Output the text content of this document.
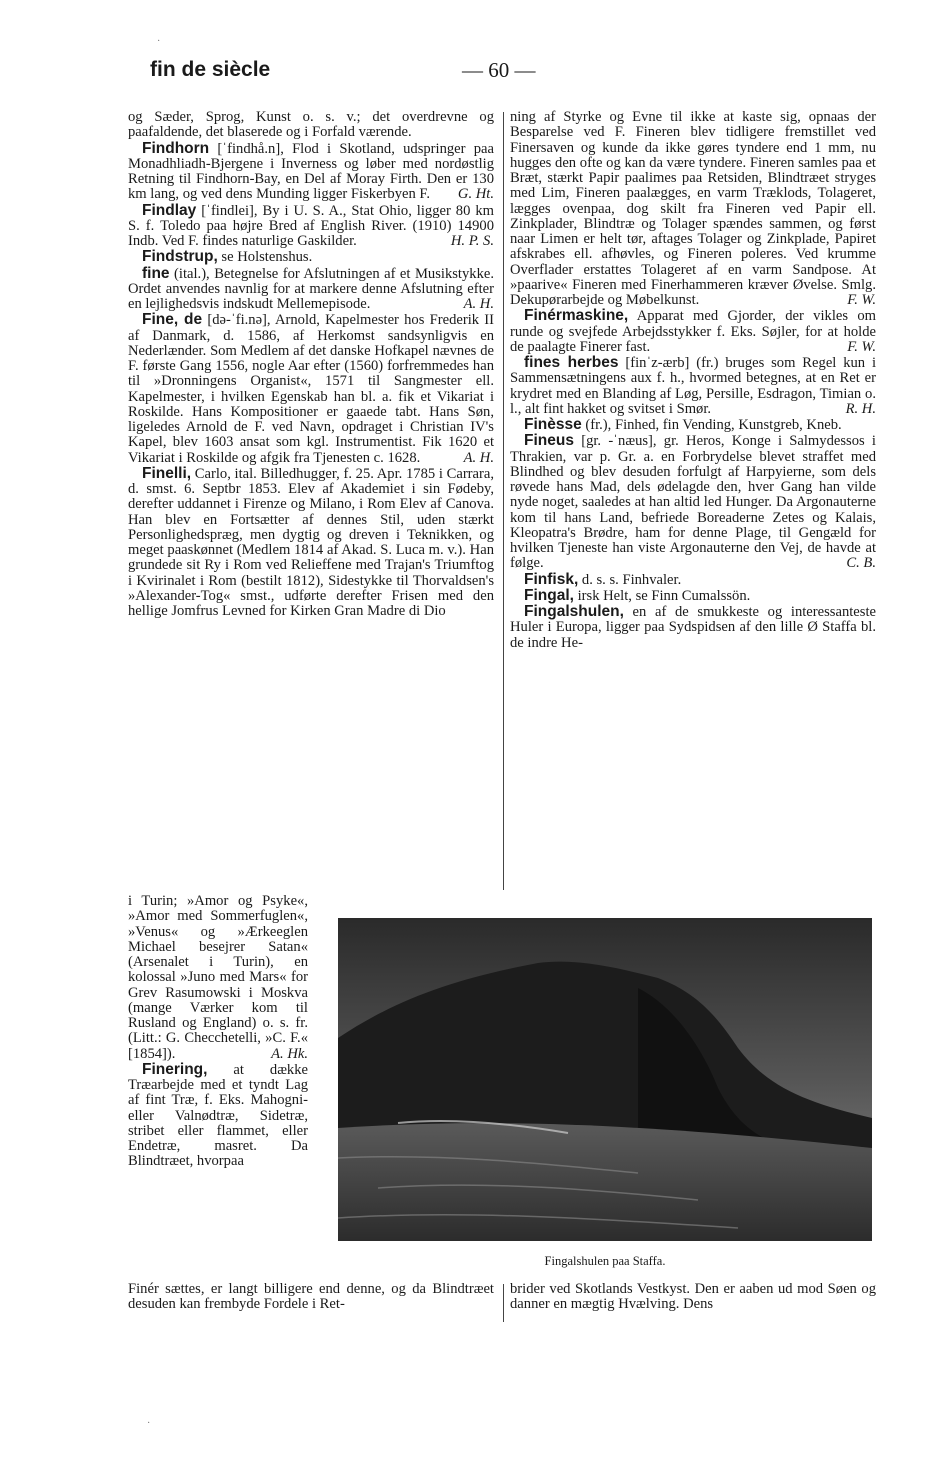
fin de siècle	— 60 —

og Sæder, Sprog, Kunst o. s. v.; det overdrevne og paafaldende, det blaserede og i Forfald værende.

Findhorn [ˈfindhå.n], Flod i Skotland, udspringer paa Monadhliadh-Bjergene i Inverness og løber med nordøstlig Retning til Findhorn-Bay, en Del af Moray Firth. Den er 130 km lang, og ved dens Munding ligger Fiskerbyen F.	G. Ht.

Findlay [ˈfindlei], By i U. S. A., Stat Ohio, ligger 80 km S. f. Toledo paa højre Bred af English River. (1910) 14900 Indb. Ved F. findes naturlige Gaskilder.	H. P. S.

Findstrup, se Holstenshus.

fine (ital.), Betegnelse for Afslutningen af et Musikstykke. Ordet anvendes navnlig for at markere denne Afslutning efter en lejlighedsvis indskudt Mellemepisode.	A. H.

Fine, de [də-ˈfi.nə], Arnold, Kapelmester hos Frederik II af Danmark, d. 1586, af Herkomst sandsynligvis en Nederlænder. Som Medlem af det danske Hofkapel nævnes de F. første Gang 1556, nogle Aar efter (1560) forfremmedes han til »Dronningens Organist«, 1571 til Sangmester ell. Kapelmester, i hvilken Egenskab han bl. a. fik et Vikariat i Roskilde. Hans Kompositioner er gaaede tabt. Hans Søn, ligeledes Arnold de F. ved Navn, opdraget i Christian IV's Kapel, blev 1603 ansat som kgl. Instrumentist. Fik 1620 et Vikariat i Roskilde og afgik fra Tjenesten c. 1628.	A. H.

Finelli, Carlo, ital. Billedhugger, f. 25. Apr. 1785 i Carrara, d. smst. 6. Septbr 1853. Elev af Akademiet i sin Fødeby, derefter uddannet i Firenze og Milano, i Rom Elev af Canova. Han blev en Fortsætter af dennes Stil, uden stærkt Personlighedspræg, men dygtig og dreven i Teknikken, og meget paaskønnet (Medlem 1814 af Akad. S. Luca m. v.). Han grundede sit Ry i Rom ved Relieffene med Trajan's Triumftog i Kvirinalet i Rom (bestilt 1812), Sidestykke til Thorvaldsen's »Alexander-Tog« smst., udførte derefter Frisen med den hellige Jomfrus Levned for Kirken Gran Madre di Dio

i Turin; »Amor og Psyke«, »Amor med Sommerfuglen«, »Venus« og »Ærkeeglen Michael besejrer Satan« (Arsenalet i Turin), en kolossal »Juno med Mars« for Grev Rasumowski i Moskva (mange Værker kom til Rusland og England) o. s. fr. (Litt.: G. Checchetelli, »C. F.« [1854]).	A. Hk.

Finering, at dække Træarbejde med et tyndt Lag af fint Træ, f. Eks. Mahogni- eller Valnødtræ, Sidetræ, stribet eller flammet, eller Endetræ, masret. Da Blindtræet, hvorpaa

Finér sættes, er langt billigere end denne, og da Blindtræet desuden kan frembyde Fordele i Ret-

ning af Styrke og Evne til ikke at kaste sig, opnaas der Besparelse ved F. Fineren blev tidligere fremstillet ved Finersaven og kunde da ikke gøres tyndere end 1 mm, nu hugges den ofte og kan da være tyndere. Fineren samles paa et Bræt, stærkt Papir paalimes paa Retsiden, Blindtræet stryges med Lim, Fineren paalægges, en varm Træklods, Tolageret, lægges ovenpaa, dog skilt fra Fineren ved Papir ell. Zinkplader, Blindtræ og Tolager spændes sammen, og først naar Limen er helt tør, aftages Tolager og Zinkplade, Papiret afskrabes ell. afhøvles, og Fineren poleres. Ved krumme Overflader erstattes Tolageret af en varm Sandpose. At »paarive« Fineren med Finerhammeren kræver Øvelse. Smlg. Dekupørarbejde og Møbelkunst.	F. W.

Finérmaskine, Apparat med Gjorder, der vikles om runde og svejfede Arbejdsstykker f. Eks. Søjler, for at holde de paalagte Finerer fast.	F. W.

fines herbes [finˈz-ærb] (fr.) bruges som Regel kun i Sammensætningens aux f. h., hvormed betegnes, at en Ret er krydret med en Blanding af Løg, Persille, Esdragon, Timian o. l., alt fint hakket og svitset i Smør.	R. H.

Finèsse (fr.), Finhed, fin Vending, Kunstgreb, Kneb.

Fineus [gr. -ˈnæus], gr. Heros, Konge i Salmydessos i Thrakien, var p. Gr. a. en Forbrydelse blevet straffet med Blindhed og blev desuden forfulgt af Harpyierne, som dels røvede hans Mad, dels ødelagde den, hver Gang han vilde nyde noget, saaledes at han altid led Hunger. Da Argonauterne kom til hans Land, befriede Boreaderne Zetes og Kalais, Kleopatra's Brødre, ham for denne Plage, til Gengæld for hvilken Tjeneste han viste Argonauterne den Vej, de havde at følge.	C. B.

Finfisk, d. s. s. Finhvaler.

Fingal, irsk Helt, se Finn Cumalssön.

Fingalshulen, en af de smukkeste og interessanteste Huler i Europa, ligger paa Sydspidsen af den lille Ø Staffa bl. de indre He-

brider ved Skotlands Vestkyst. Den er aaben ud mod Søen og danner en mægtig Hvælving. Dens

Fingalshulen paa Staffa.
·
·
